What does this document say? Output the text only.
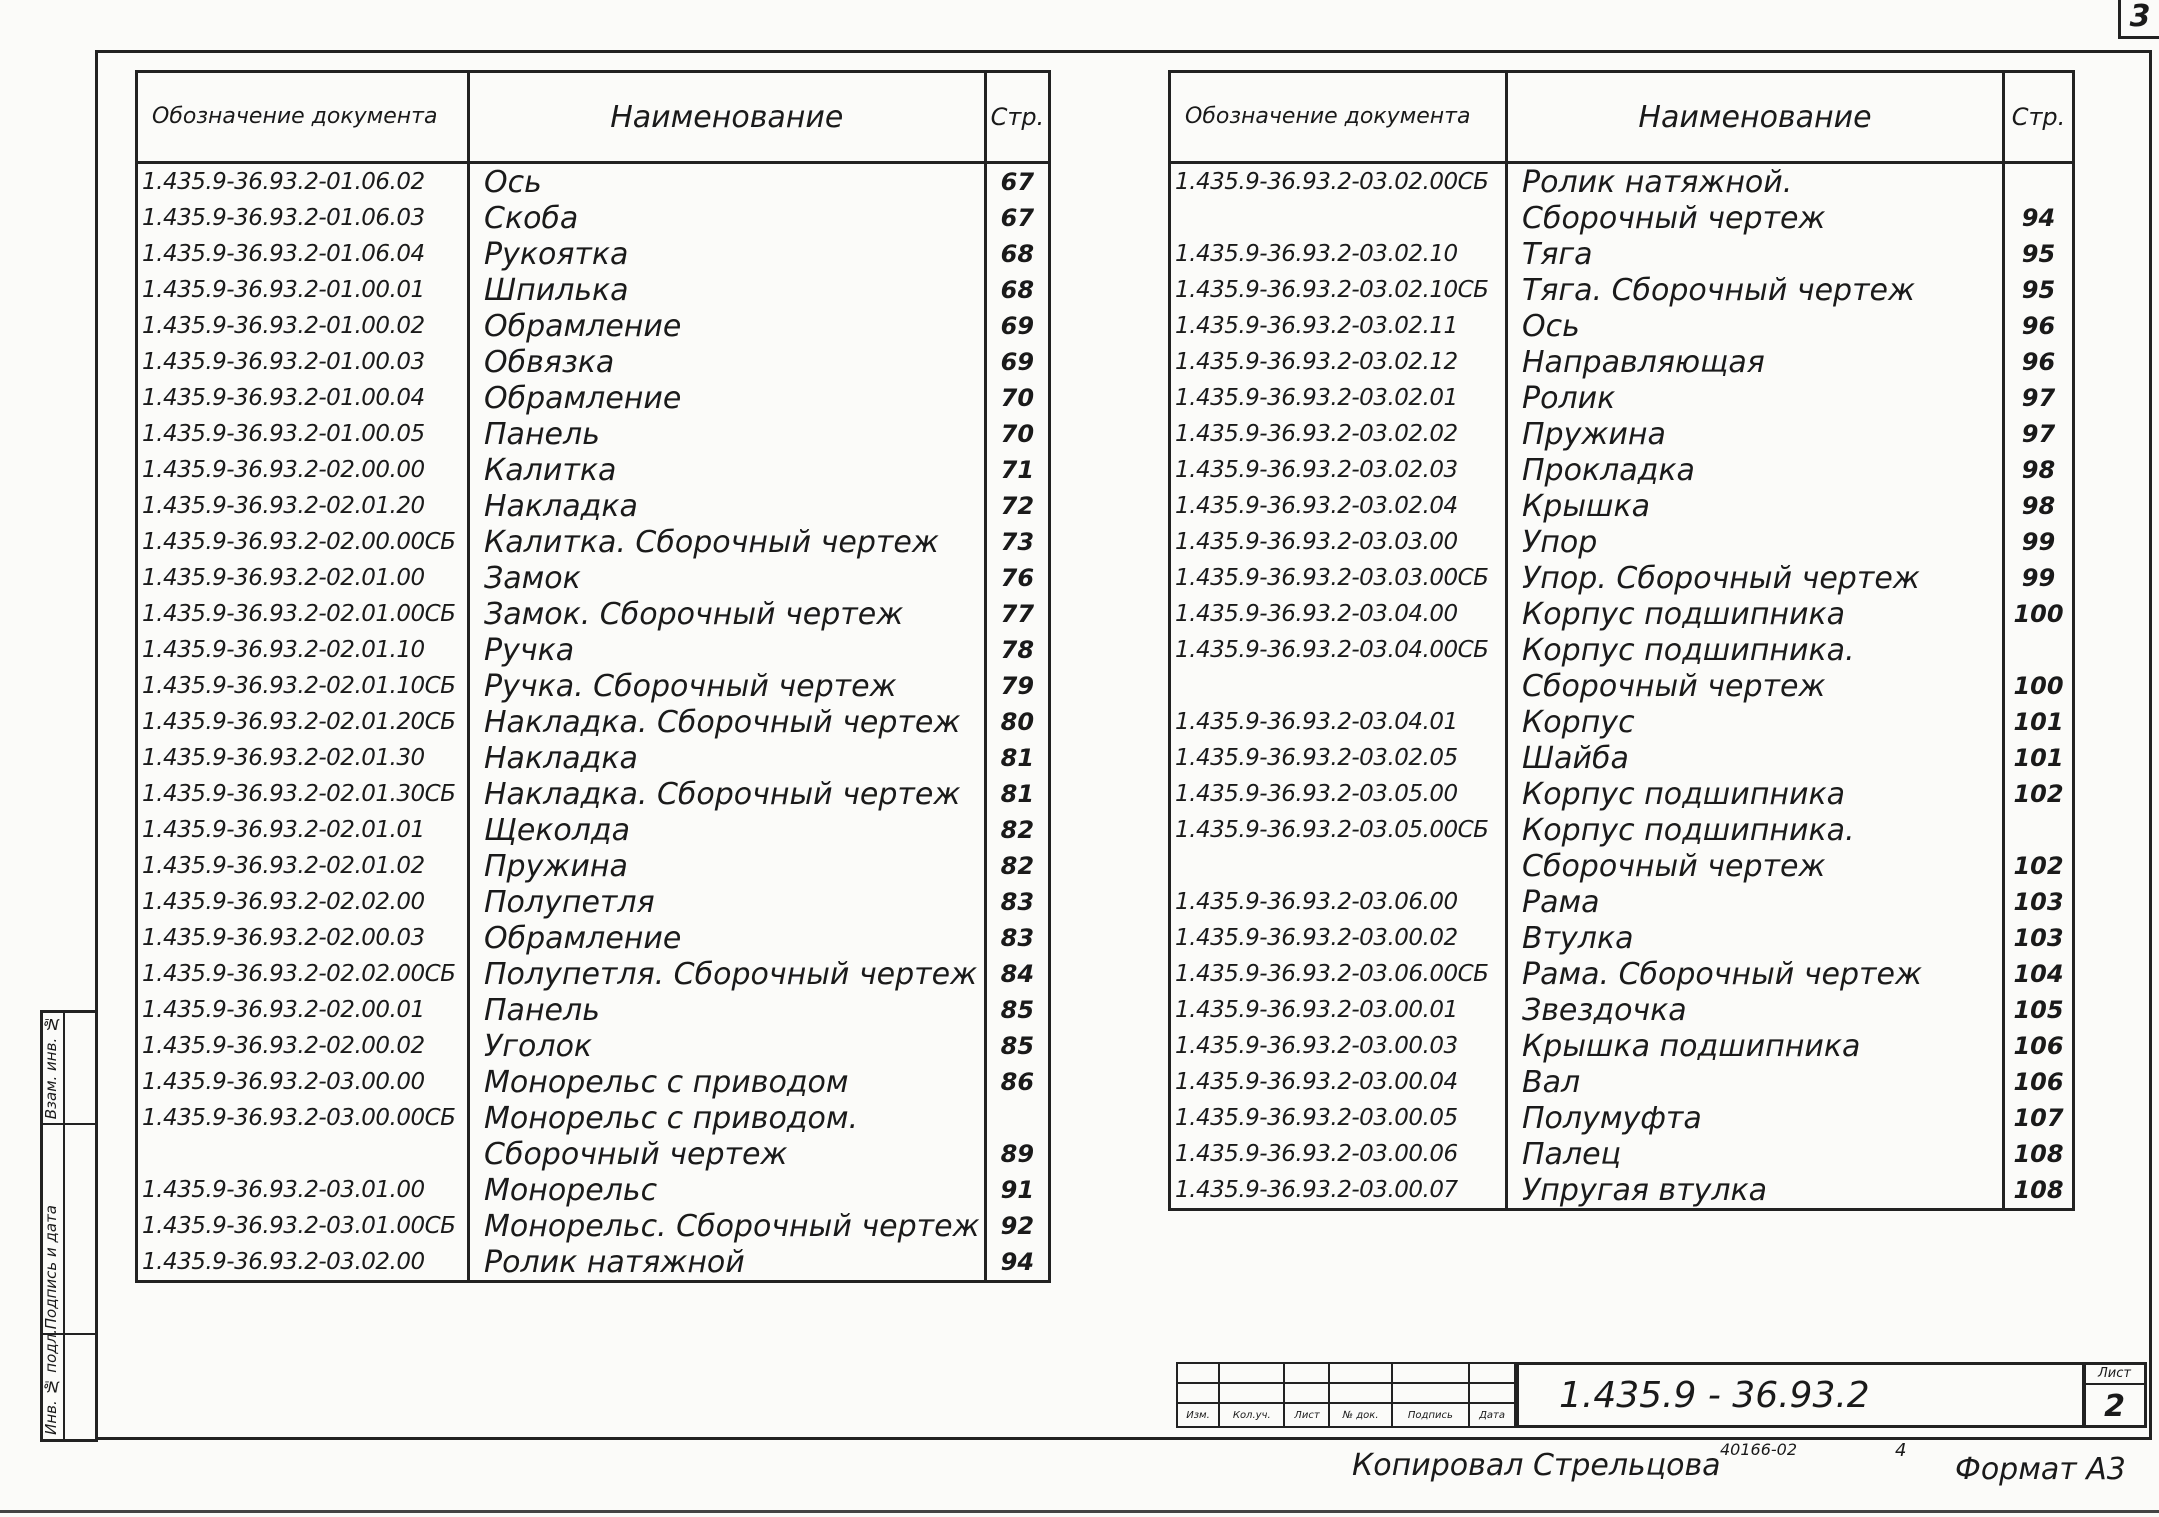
3
Взам. инв. №
Подпись и дата
Инв. № подл.
Обозначение документа	Наименование	Стр.
1.435.9-36.93.2-01.06.02	Ось	67
1.435.9-36.93.2-01.06.03	Скоба	67
1.435.9-36.93.2-01.06.04	Рукоятка	68
1.435.9-36.93.2-01.00.01	Шпилька	68
1.435.9-36.93.2-01.00.02	Обрамление	69
1.435.9-36.93.2-01.00.03	Обвязка	69
1.435.9-36.93.2-01.00.04	Обрамление	70
1.435.9-36.93.2-01.00.05	Панель	70
1.435.9-36.93.2-02.00.00	Калитка	71
1.435.9-36.93.2-02.01.20	Накладка	72
1.435.9-36.93.2-02.00.00СБ	Калитка. Сборочный чертеж	73
1.435.9-36.93.2-02.01.00	Замок	76
1.435.9-36.93.2-02.01.00СБ	Замок. Сборочный чертеж	77
1.435.9-36.93.2-02.01.10	Ручка	78
1.435.9-36.93.2-02.01.10СБ	Ручка. Сборочный чертеж	79
1.435.9-36.93.2-02.01.20СБ	Накладка. Сборочный чертеж	80
1.435.9-36.93.2-02.01.30	Накладка	81
1.435.9-36.93.2-02.01.30СБ	Накладка. Сборочный чертеж	81
1.435.9-36.93.2-02.01.01	Щеколда	82
1.435.9-36.93.2-02.01.02	Пружина	82
1.435.9-36.93.2-02.02.00	Полупетля	83
1.435.9-36.93.2-02.00.03	Обрамление	83
1.435.9-36.93.2-02.02.00СБ	Полупетля. Сборочный чертеж	84
1.435.9-36.93.2-02.00.01	Панель	85
1.435.9-36.93.2-02.00.02	Уголок	85
1.435.9-36.93.2-03.00.00	Монорельс с приводом	86
1.435.9-36.93.2-03.00.00СБ	Монорельс с приводом.	
	Сборочный чертеж	89
1.435.9-36.93.2-03.01.00	Монорельс	91
1.435.9-36.93.2-03.01.00СБ	Монорельс. Сборочный чертеж	92
1.435.9-36.93.2-03.02.00	Ролик натяжной	94
Обозначение документа	Наименование	Стр.
1.435.9-36.93.2-03.02.00СБ	Ролик натяжной.	
	Сборочный чертеж	94
1.435.9-36.93.2-03.02.10	Тяга	95
1.435.9-36.93.2-03.02.10СБ	Тяга. Сборочный чертеж	95
1.435.9-36.93.2-03.02.11	Ось	96
1.435.9-36.93.2-03.02.12	Направляющая	96
1.435.9-36.93.2-03.02.01	Ролик	97
1.435.9-36.93.2-03.02.02	Пружина	97
1.435.9-36.93.2-03.02.03	Прокладка	98
1.435.9-36.93.2-03.02.04	Крышка	98
1.435.9-36.93.2-03.03.00	Упор	99
1.435.9-36.93.2-03.03.00СБ	Упор. Сборочный чертеж	99
1.435.9-36.93.2-03.04.00	Корпус подшипника	100
1.435.9-36.93.2-03.04.00СБ	Корпус подшипника.	
	Сборочный чертеж	100
1.435.9-36.93.2-03.04.01	Корпус	101
1.435.9-36.93.2-03.02.05	Шайба	101
1.435.9-36.93.2-03.05.00	Корпус подшипника	102
1.435.9-36.93.2-03.05.00СБ	Корпус подшипника.	
	Сборочный чертеж	102
1.435.9-36.93.2-03.06.00	Рама	103
1.435.9-36.93.2-03.00.02	Втулка	103
1.435.9-36.93.2-03.06.00СБ	Рама. Сборочный чертеж	104
1.435.9-36.93.2-03.00.01	Звездочка	105
1.435.9-36.93.2-03.00.03	Крышка подшипника	106
1.435.9-36.93.2-03.00.04	Вал	106
1.435.9-36.93.2-03.00.05	Полумуфта	107
1.435.9-36.93.2-03.00.06	Палец	108
1.435.9-36.93.2-03.00.07	Упругая втулка	108

Изм.	Кол.уч.	Лист	№ док.	Подпись	Дата	1.435.9 - 36.93.2
Лист
2
Копировал Стрельцова 40166-02	4
Формат А3
